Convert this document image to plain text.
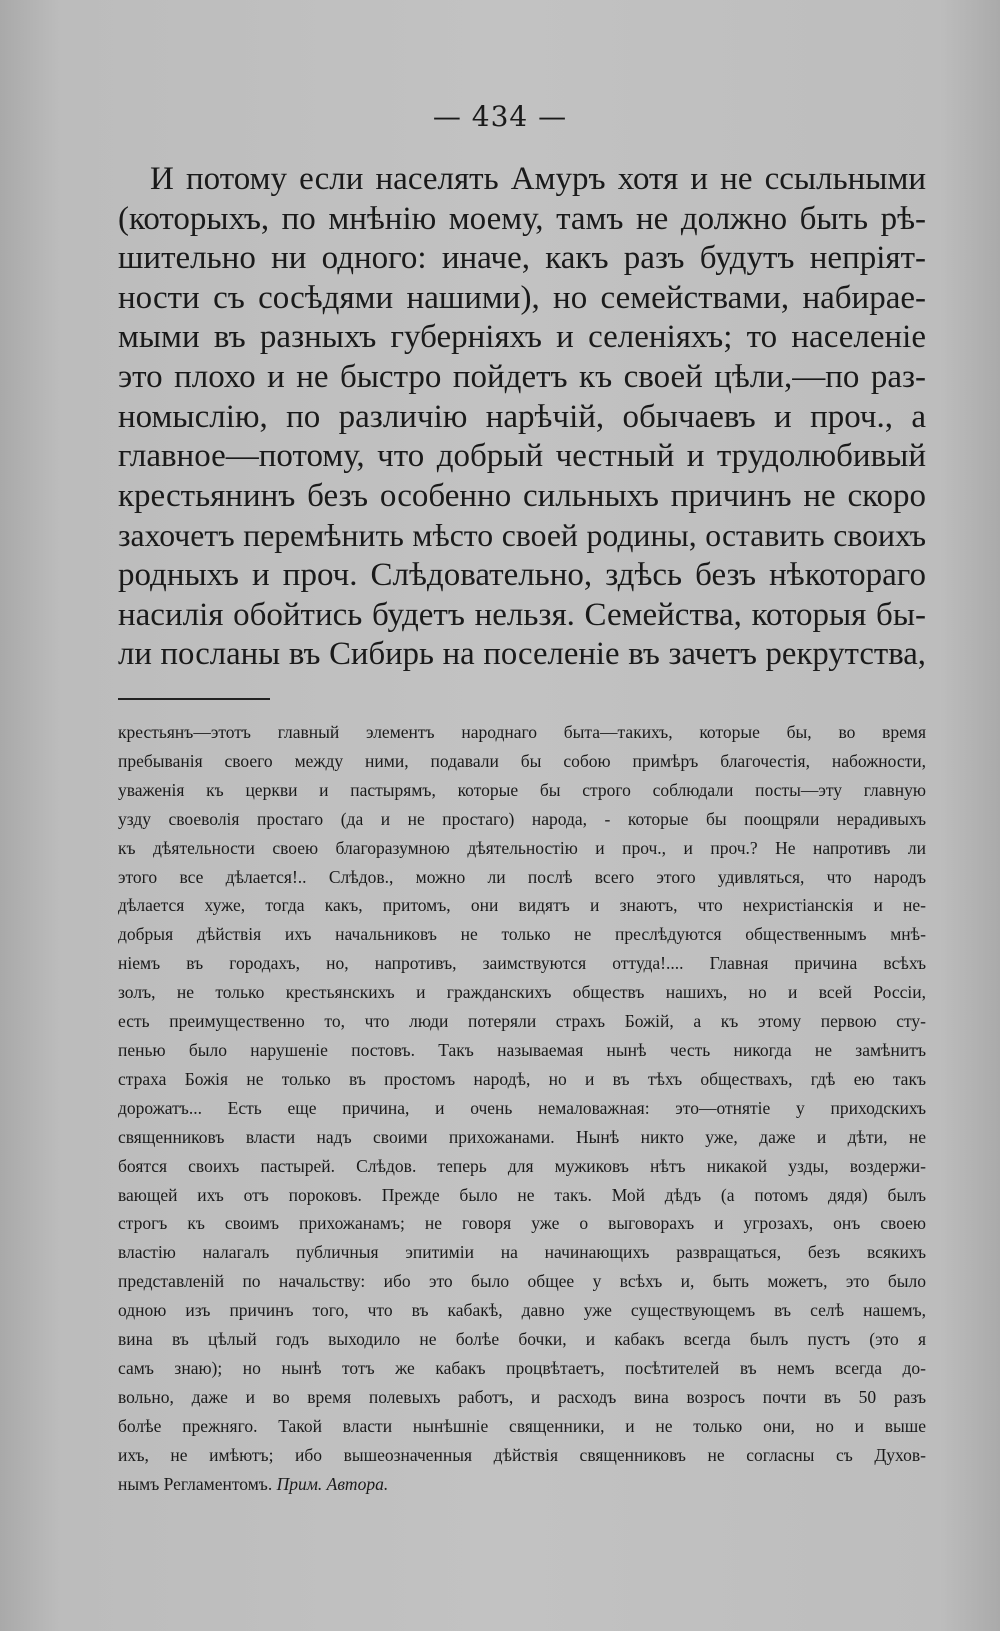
— 434 —
И потому если населять Амуръ хотя и не ссыльными
(которыхъ, по мнѣнію моему, тамъ не должно быть рѣ-
шительно ни одного: иначе, какъ разъ будутъ непріят-
ности съ сосѣдями нашими), но семействами, набирае-
мыми въ разныхъ губерніяхъ и селеніяхъ; то населеніе
это плохо и не быстро пойдетъ къ своей цѣли,—по раз-
номыслію, по различію нарѣчій, обычаевъ и проч., а
главное—потому, что добрый честный и трудолюбивый
крестьянинъ безъ особенно сильныхъ причинъ не скоро
захочетъ перемѣнить мѣсто своей родины, оставить своихъ
родныхъ и проч. Слѣдовательно, здѣсь безъ нѣкотораго
насилія обойтись будетъ нельзя. Семейства, которыя бы-
ли посланы въ Сибирь на поселеніе въ зачетъ рекрутства,
крестьянъ—этотъ главный элементъ народнаго быта—такихъ, которые бы, во время
пребыванія своего между ними, подавали бы собою примѣръ благочестія, набожности,
уваженія къ церкви и пастырямъ, которые бы строго соблюдали посты—эту главную
узду своеволія простаго (да и не простаго) народа, - которые бы поощряли нерадивыхъ
къ дѣятельности своею благоразумною дѣятельностію и проч., и проч.? Не напротивъ ли
этого все дѣлается!.. Слѣдов., можно ли послѣ всего этого удивляться, что народъ
дѣлается хуже, тогда какъ, притомъ, они видятъ и знаютъ, что нехристіанскія и не-
добрыя дѣйствія ихъ начальниковъ не только не преслѣдуются общественнымъ мнѣ-
ніемъ въ городахъ, но, напротивъ, заимствуются оттуда!.... Главная причина всѣхъ
золъ, не только крестьянскихъ и гражданскихъ обществъ нашихъ, но и всей Россіи,
есть преимущественно то, что люди потеряли страхъ Божій, а къ этому первою сту-
пенью было нарушеніе постовъ. Такъ называемая нынѣ честь никогда не замѣнитъ
страха Божія не только въ простомъ народѣ, но и въ тѣхъ обществахъ, гдѣ ею такъ
дорожатъ... Есть еще причина, и очень немаловажная: это—отнятіе у приходскихъ
священниковъ власти надъ своими прихожанами. Нынѣ никто уже, даже и дѣти, не
боятся своихъ пастырей. Слѣдов. теперь для мужиковъ нѣтъ никакой узды, воздержи-
вающей ихъ отъ пороковъ. Прежде было не такъ. Мой дѣдъ (а потомъ дядя) былъ
строгъ къ своимъ прихожанамъ; не говоря уже о выговорахъ и угрозахъ, онъ своею
властію налагалъ публичныя эпитиміи на начинающихъ развращаться, безъ всякихъ
представленій по начальству: ибо это было общее у всѣхъ и, быть можетъ, это было
одною изъ причинъ того, что въ кабакѣ, давно уже существующемъ въ селѣ нашемъ,
вина въ цѣлый годъ выходило не болѣе бочки, и кабакъ всегда былъ пустъ (это я
самъ знаю); но нынѣ тотъ же кабакъ процвѣтаетъ, посѣтителей въ немъ всегда до-
вольно, даже и во время полевыхъ работъ, и расходъ вина возросъ почти въ 50 разъ
болѣе прежняго. Такой власти нынѣшніе священники, и не только они, но и выше
ихъ, не имѣютъ; ибо вышеозначенныя дѣйствія священниковъ не согласны съ Духов-
нымъ Регламентомъ. Прим. Автора.
